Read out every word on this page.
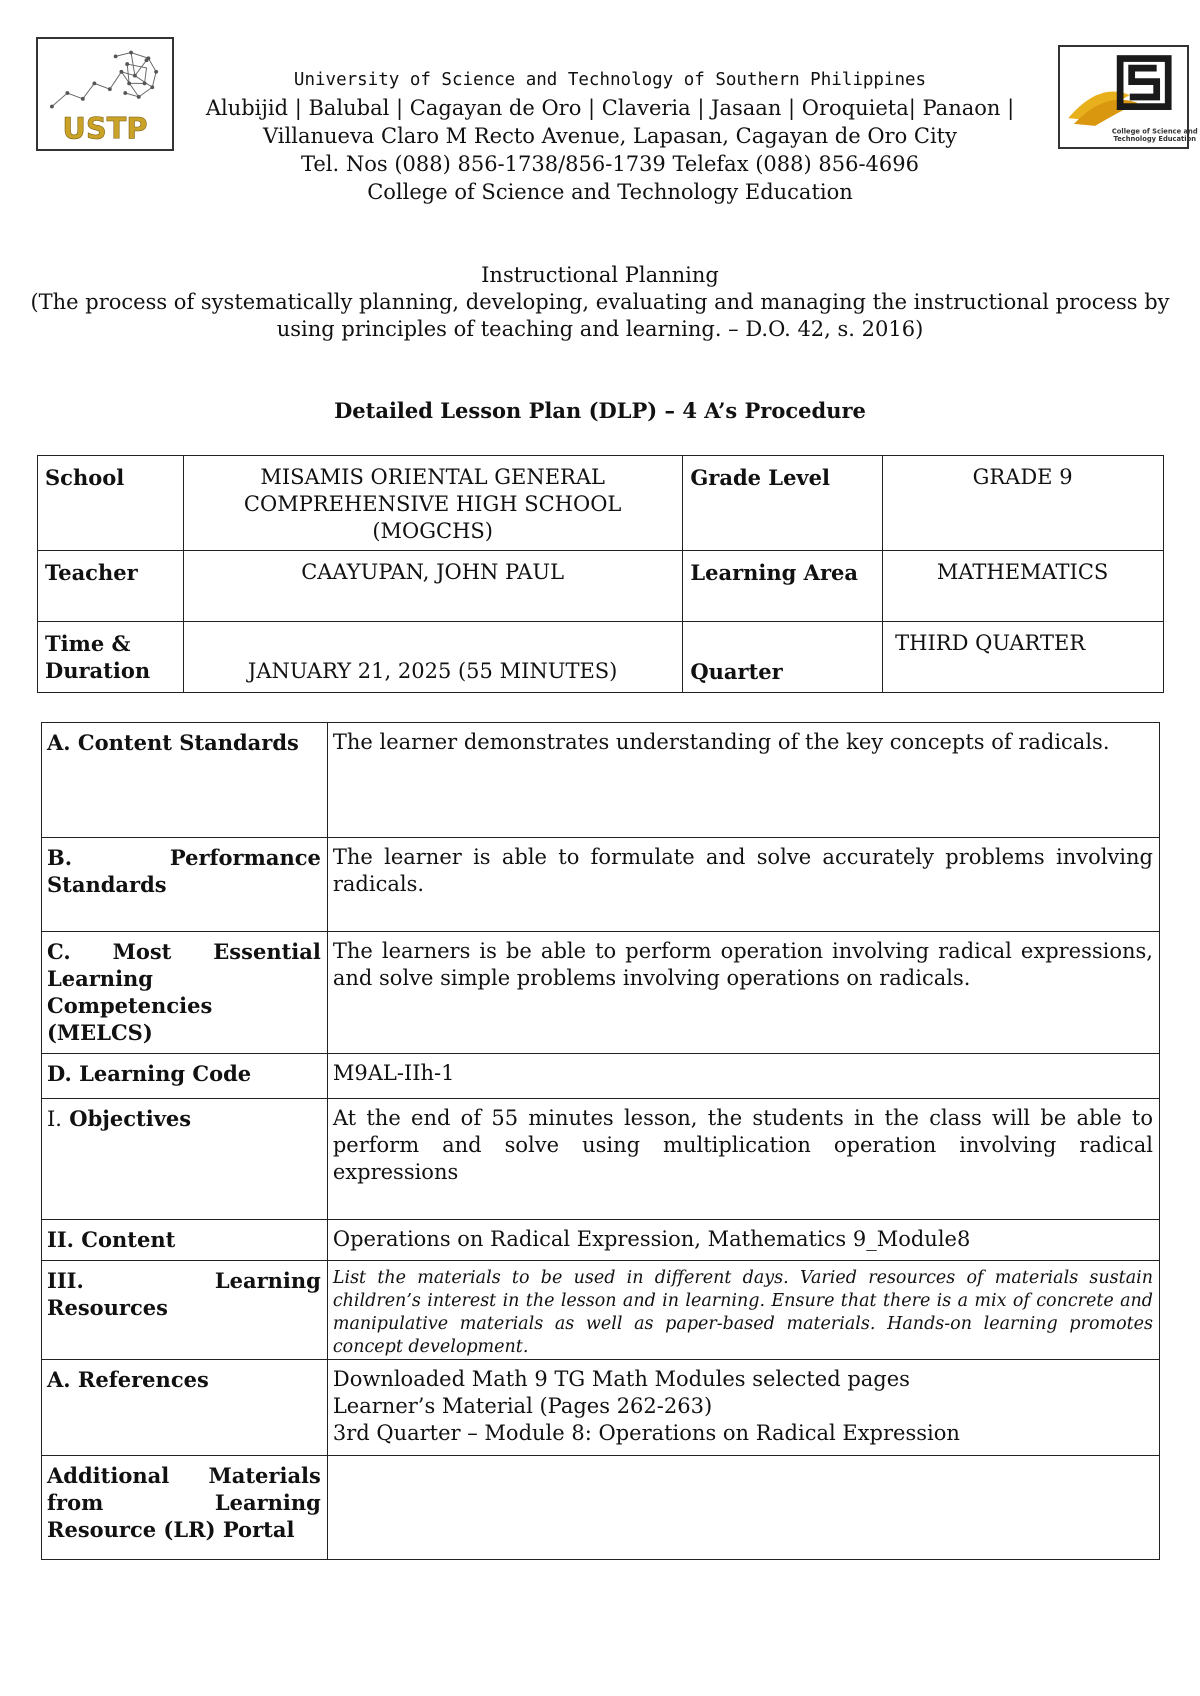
USTP	College of Science and
Technology Education
University of Science and Technology of Southern Philippines
Alubijid | Balubal | Cagayan de Oro | Claveria | Jasaan | Oroquieta| Panaon |
Villanueva Claro M Recto Avenue, Lapasan, Cagayan de Oro City
Tel. Nos (088) 856-1738/856-1739 Telefax (088) 856-4696
College of Science and Technology Education
Instructional Planning
(The process of systematically planning, developing, evaluating and managing the instructional process by using principles of teaching and learning. – D.O. 42, s. 2016)
Detailed Lesson Plan (DLP) – 4 A’s Procedure
School	MISAMIS ORIENTAL GENERAL COMPREHENSIVE HIGH SCHOOL (MOGCHS)	Grade Level	GRADE 9
Teacher	CAAYUPAN, JOHN PAUL	Learning Area	MATHEMATICS
Time & Duration	JANUARY 21, 2025 (55 MINUTES)	Quarter	THIRD QUARTER
A. Content Standards	The learner demonstrates understanding of the key concepts of radicals.
B. Performance Standards	The learner is able to formulate and solve accurately problems involving radicals.
C. Most Essential Learning Competencies (MELCS)	The learners is be able to perform operation involving radical expressions, and solve simple problems involving operations on radicals.
D. Learning Code	M9AL-IIh-1
I. Objectives	At the end of 55 minutes lesson, the students in the class will be able to perform and solve using multiplication operation involving radical expressions
II. Content	Operations on Radical Expression, Mathematics 9_Module8
III. Learning Resources	List the materials to be used in different days. Varied resources of materials sustain children’s interest in the lesson and in learning. Ensure that there is a mix of concrete and manipulative materials as well as paper-based materials. Hands-on learning promotes concept development.
A. References	Downloaded Math 9 TG Math Modules selected pages
Learner’s Material (Pages 262-263)
3rd Quarter – Module 8: Operations on Radical Expression

Additional Materials from Learning Resource (LR) Portal	
